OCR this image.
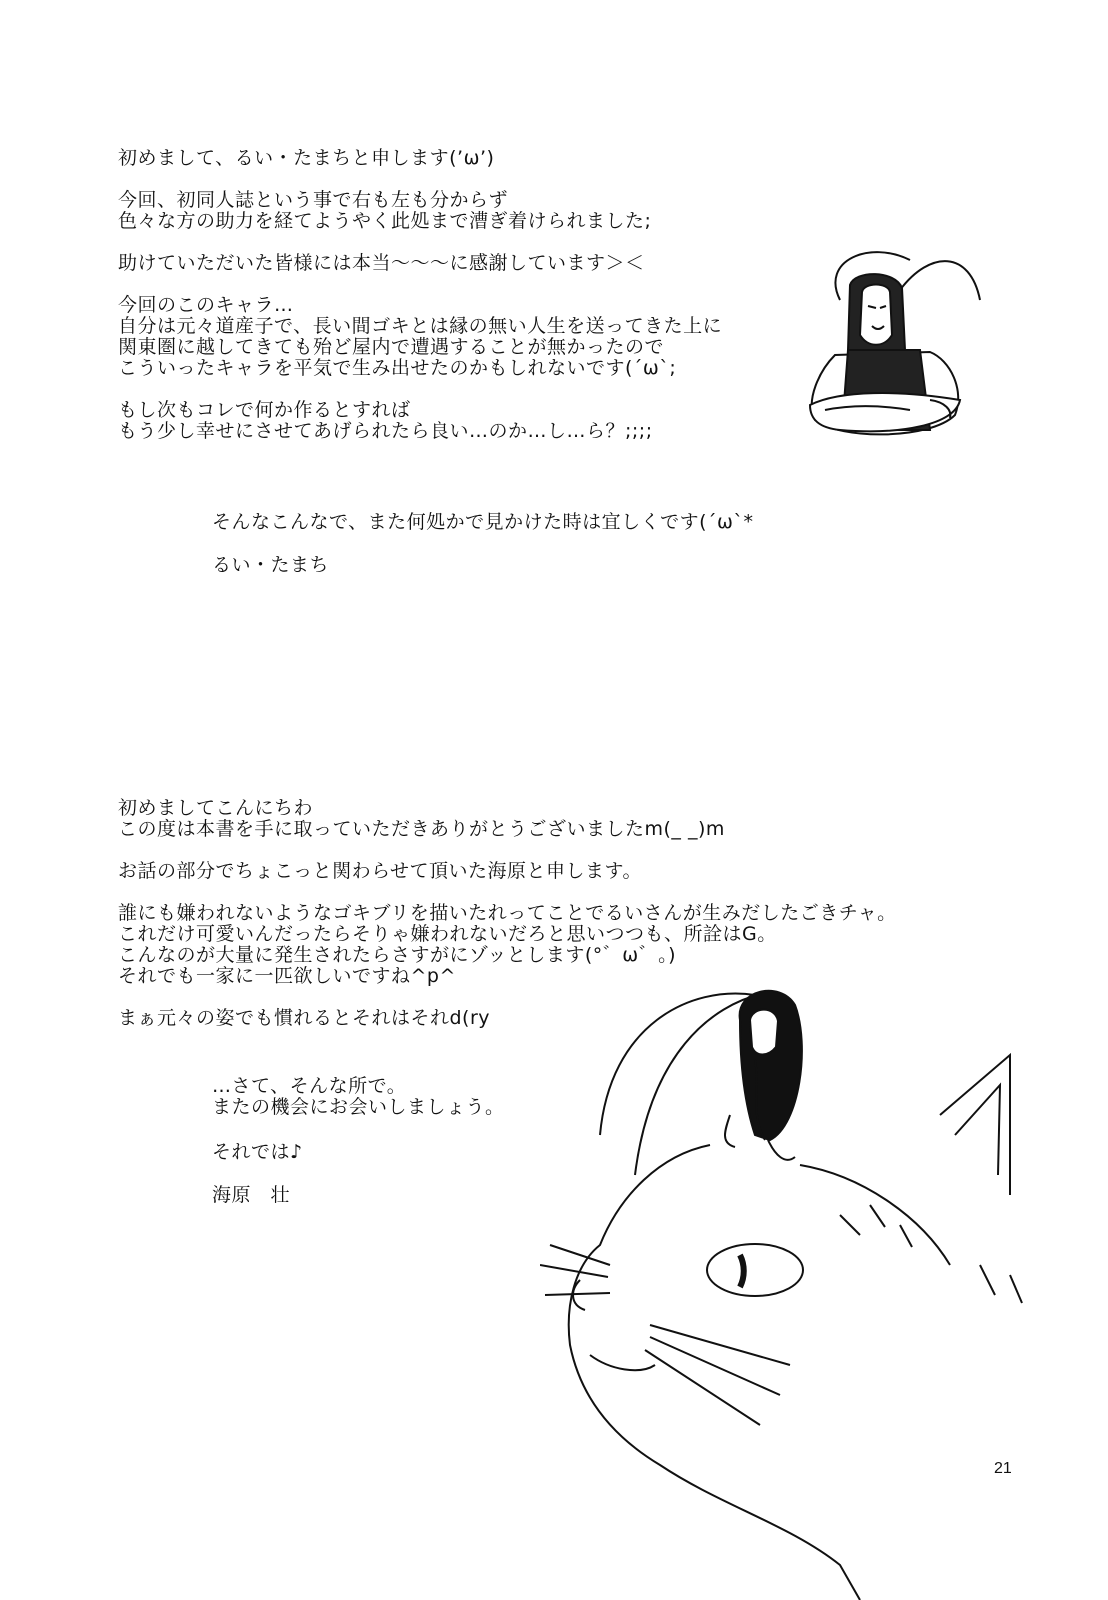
初めまして、るい・たまちと申します(’ω’)
今回、初同人誌という事で右も左も分からず
色々な方の助力を経てようやく此処まで漕ぎ着けられました;
助けていただいた皆様には本当～～～に感謝しています＞＜
今回のこのキャラ…
自分は元々道産子で、長い間ゴキとは縁の無い人生を送ってきた上に
関東圏に越してきても殆ど屋内で遭遇することが無かったので
こういったキャラを平気で生み出せたのかもしれないです(´ω`;
もし次もコレで何か作るとすれば
もう少し幸せにさせてあげられたら良い…のか…し…ら？;;;;
そんなこんなで、また何処かで見かけた時は宜しくです(´ω`*
るい・たまち
初めましてこんにちわ
この度は本書を手に取っていただきありがとうございましたm(_ _)m
お話の部分でちょこっと関わらせて頂いた海原と申します。
誰にも嫌われないようなゴキブリを描いたれってことでるいさんが生みだしたごきチャ。
これだけ可愛いんだったらそりゃ嫌われないだろと思いつつも、所詮はG。
こんなのが大量に発生されたらさすがにゾッとします(°゛ω゛。)
それでも一家に一匹欲しいですね^p^
まぁ元々の姿でも慣れるとそれはそれd(ry
…さて、そんな所で。
またの機会にお会いしましょう。
それでは♪
海原　壮
21
